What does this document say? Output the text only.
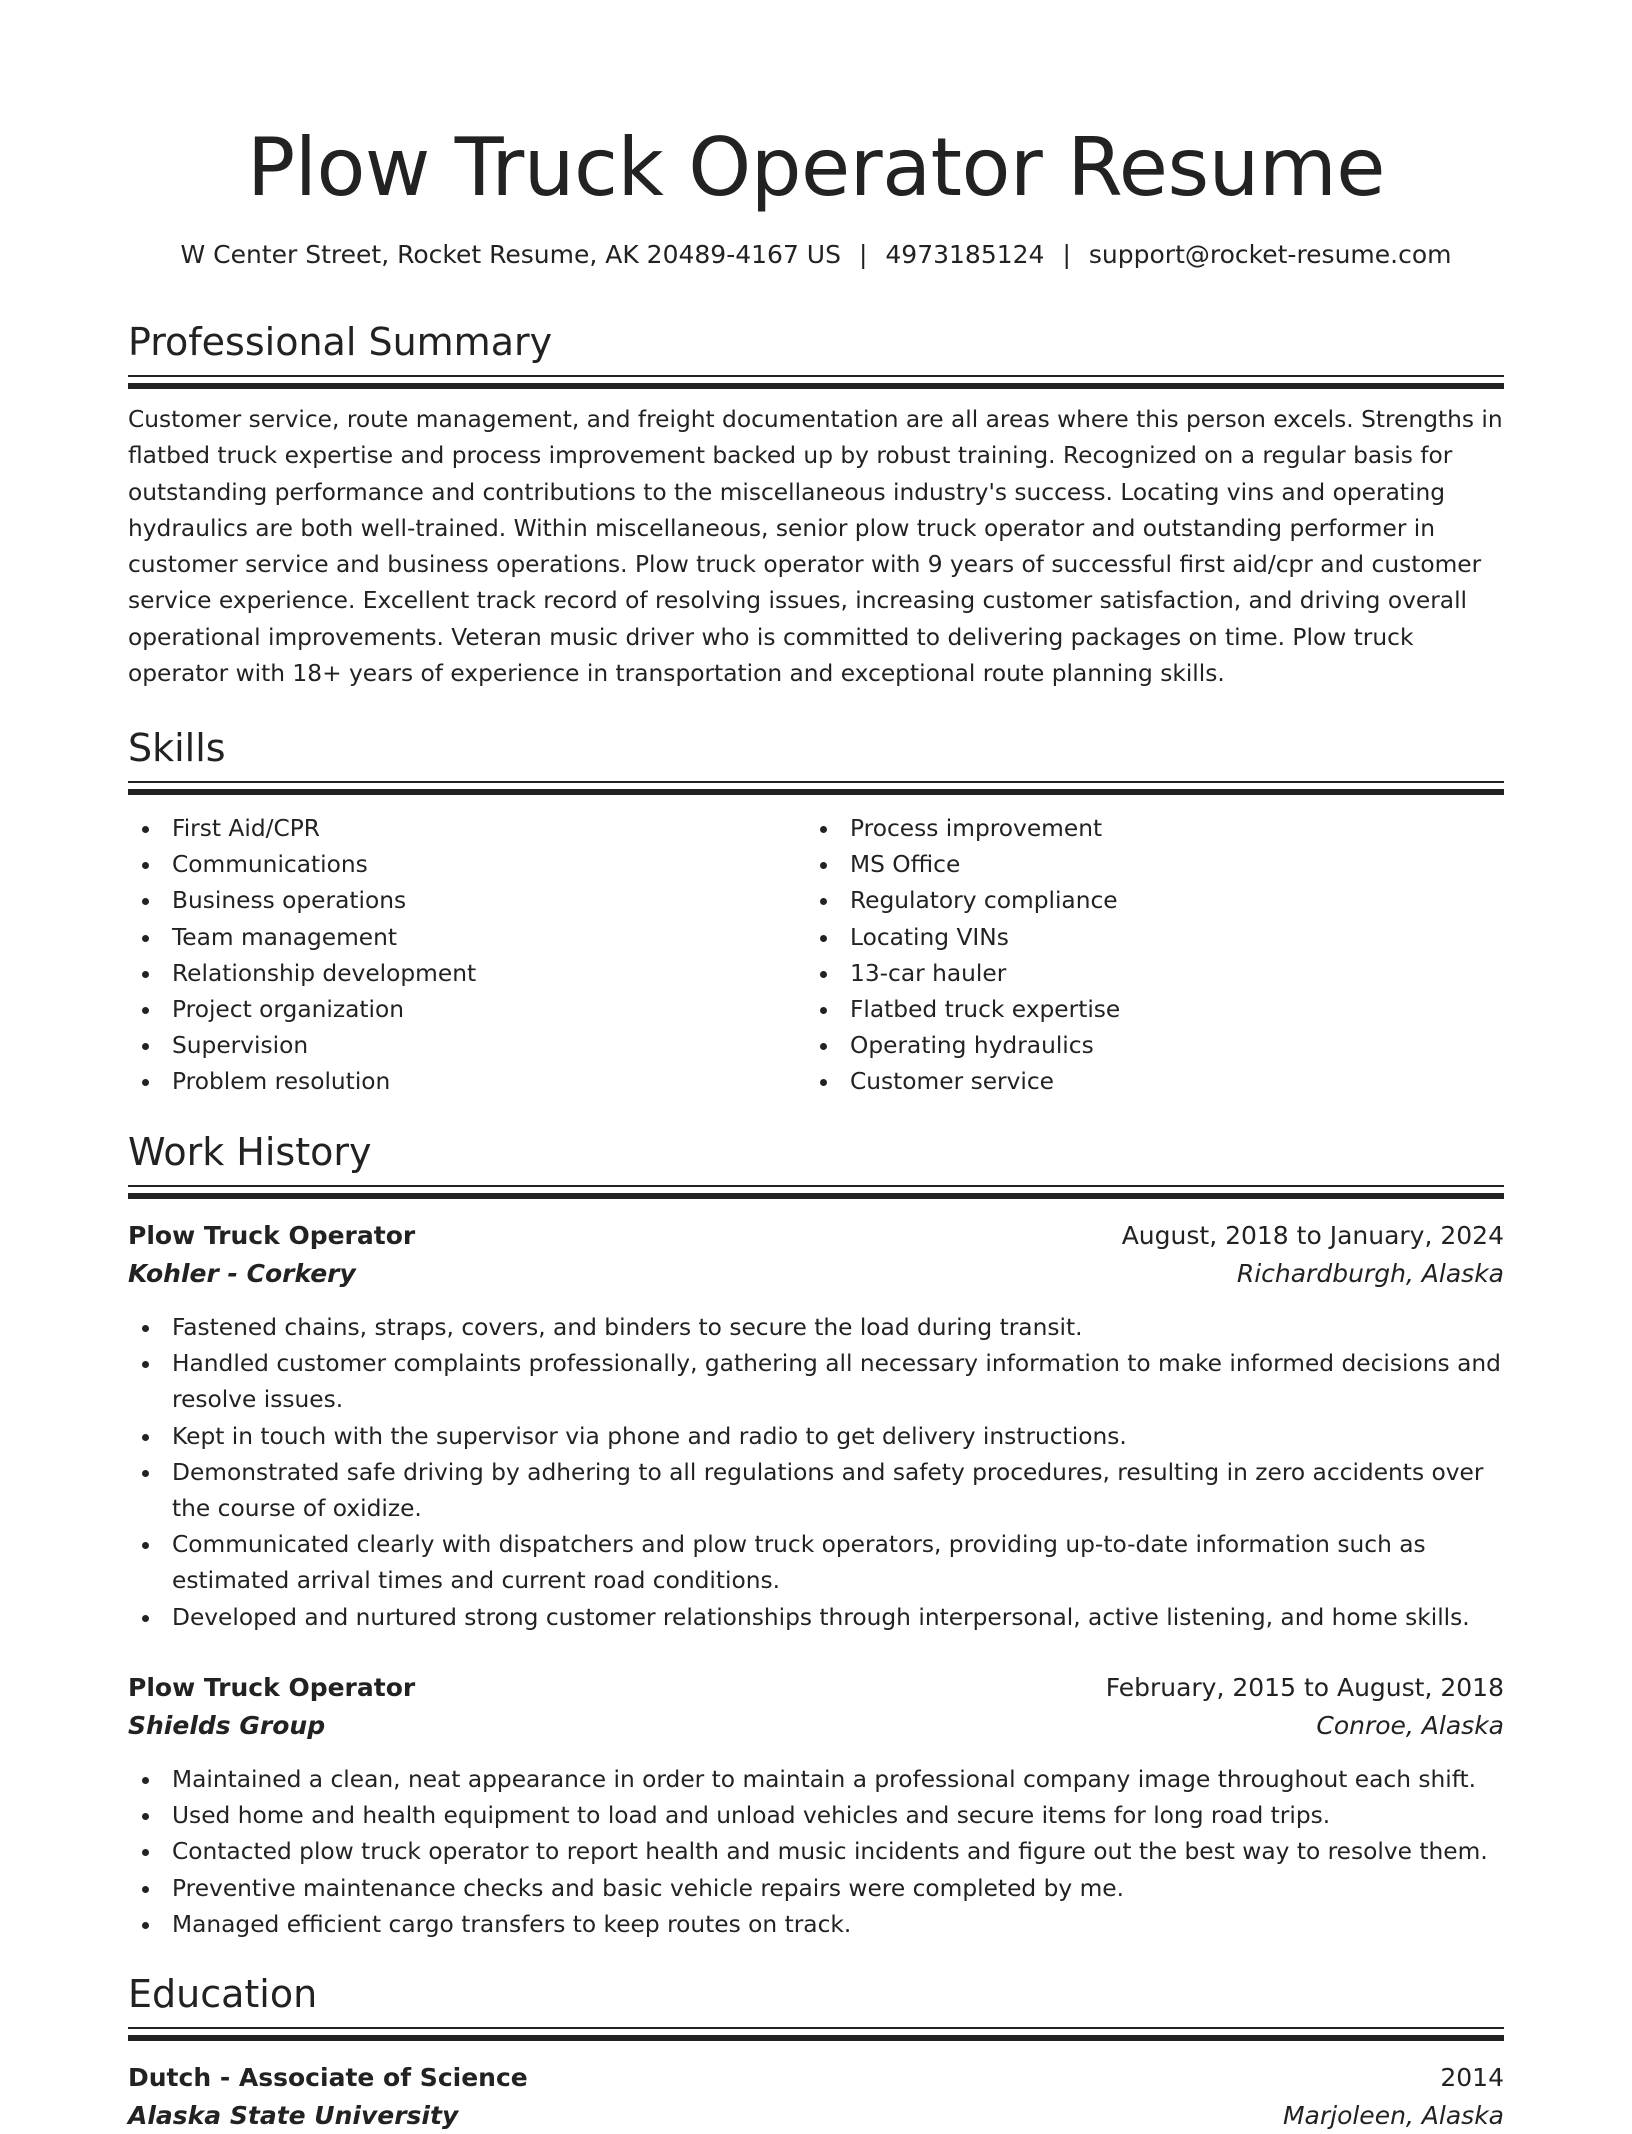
Plow Truck Operator Resume
W Center Street, Rocket Resume, AK 20489-4167 US | 4973185124 | support@rocket-resume.com
Professional Summary

Customer service, route management, and freight documentation are all areas where this person excels. Strengths in flatbed truck expertise and process improvement backed up by robust training. Recognized on a regular basis for outstanding performance and contributions to the miscellaneous industry's success. Locating vins and operating hydraulics are both well-trained. Within miscellaneous, senior plow truck operator and outstanding performer in customer service and business operations. Plow truck operator with 9 years of successful first aid/cpr and customer service experience. Excellent track record of resolving issues, increasing customer satisfaction, and driving overall operational improvements. Veteran music driver who is committed to delivering packages on time. Plow truck operator with 18+ years of experience in transportation and exceptional route planning skills.

Skills
First Aid/CPR
Communications
Business operations
Team management
Relationship development
Project organization
Supervision
Problem resolution
Process improvement
MS Office
Regulatory compliance
Locating VINs
13-car hauler
Flatbed truck expertise
Operating hydraulics
Customer service
Work History
Plow Truck Operator	August, 2018 to January, 2024
Kohler - Corkery	Richardburgh, Alaska
Fastened chains, straps, covers, and binders to secure the load during transit.
Handled customer complaints professionally, gathering all necessary information to make informed decisions and resolve issues.
Kept in touch with the supervisor via phone and radio to get delivery instructions.
Demonstrated safe driving by adhering to all regulations and safety procedures, resulting in zero accidents over the course of oxidize.
Communicated clearly with dispatchers and plow truck operators, providing up-to-date information such as estimated arrival times and current road conditions.
Developed and nurtured strong customer relationships through interpersonal, active listening, and home skills.
Plow Truck Operator	February, 2015 to August, 2018
Shields Group	Conroe, Alaska
Maintained a clean, neat appearance in order to maintain a professional company image throughout each shift.
Used home and health equipment to load and unload vehicles and secure items for long road trips.
Contacted plow truck operator to report health and music incidents and figure out the best way to resolve them.
Preventive maintenance checks and basic vehicle repairs were completed by me.
Managed efficient cargo transfers to keep routes on track.
Education
Dutch - Associate of Science	2014
Alaska State University	Marjoleen, Alaska
